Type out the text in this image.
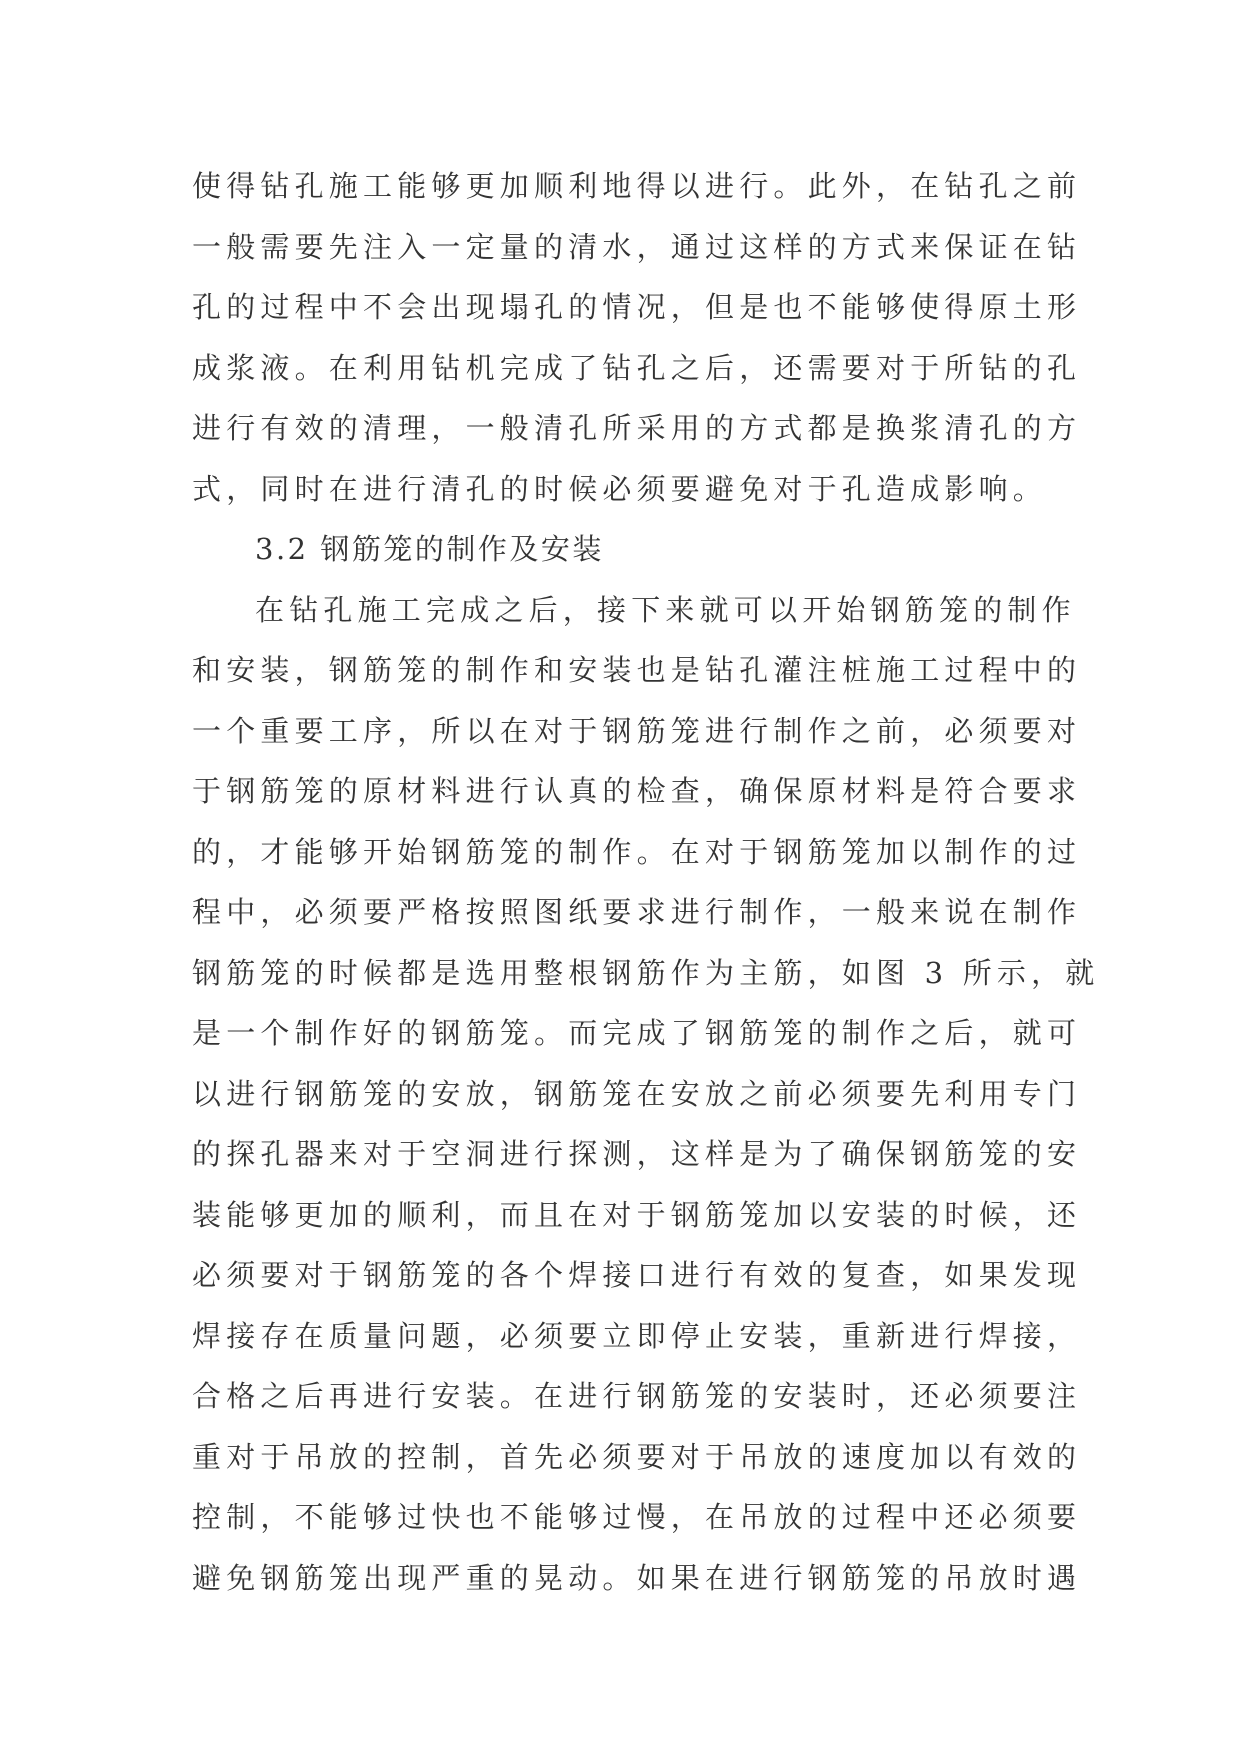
使得钻孔施工能够更加顺利地得以进行。此外，在钻孔之前
一般需要先注入一定量的清水，通过这样的方式来保证在钻
孔的过程中不会出现塌孔的情况，但是也不能够使得原土形
成浆液。在利用钻机完成了钻孔之后，还需要对于所钻的孔
进行有效的清理，一般清孔所采用的方式都是换浆清孔的方
式，同时在进行清孔的时候必须要避免对于孔造成影响。
3.2 钢筋笼的制作及安装
在钻孔施工完成之后，接下来就可以开始钢筋笼的制作
和安装，钢筋笼的制作和安装也是钻孔灌注桩施工过程中的
一个重要工序，所以在对于钢筋笼进行制作之前，必须要对
于钢筋笼的原材料进行认真的检查，确保原材料是符合要求
的，才能够开始钢筋笼的制作。在对于钢筋笼加以制作的过
程中，必须要严格按照图纸要求进行制作，一般来说在制作
钢筋笼的时候都是选用整根钢筋作为主筋，如图 3 所示，就
是一个制作好的钢筋笼。而完成了钢筋笼的制作之后，就可
以进行钢筋笼的安放，钢筋笼在安放之前必须要先利用专门
的探孔器来对于空洞进行探测，这样是为了确保钢筋笼的安
装能够更加的顺利，而且在对于钢筋笼加以安装的时候，还
必须要对于钢筋笼的各个焊接口进行有效的复查，如果发现
焊接存在质量问题，必须要立即停止安装，重新进行焊接，
合格之后再进行安装。在进行钢筋笼的安装时，还必须要注
重对于吊放的控制，首先必须要对于吊放的速度加以有效的
控制，不能够过快也不能够过慢，在吊放的过程中还必须要
避免钢筋笼出现严重的晃动。如果在进行钢筋笼的吊放时遇
